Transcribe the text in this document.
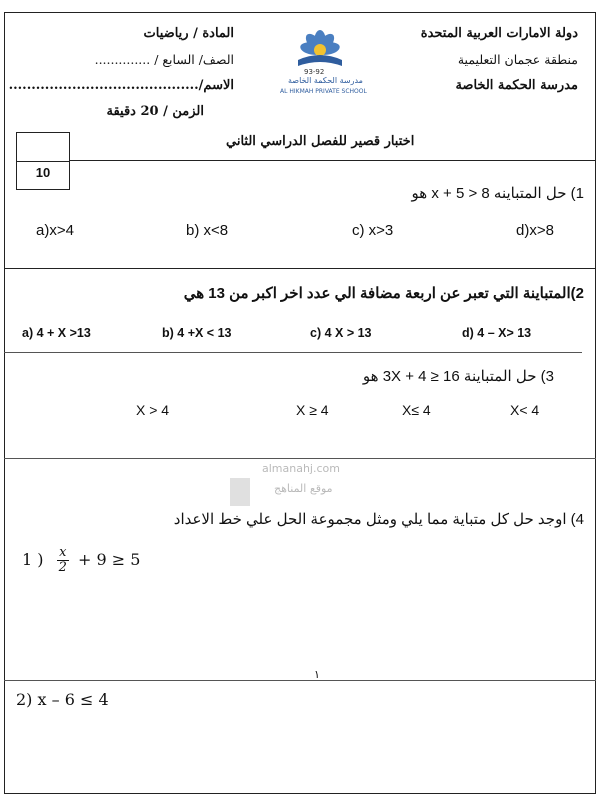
دولة الامارات العربية المتحدة
منطقة عجمان التعليمية
مدرسة الحكمة الخاصة
المادة / رياضيات
الصف/ السابع / ..............
الاسم/..........................................
الزمن / 20 دقيقة
93-92
مدرسة الحكمة الخاصة
AL HIKMAH PRIVATE SCHOOL
اختبار قصير للفصل الدراسي الثاني
10
1) حل المتباينه x + 5 > 8 هو
a)x>4	b) x<8	c) x>3	d)x>8
2)المتباينة التي تعبر عن اربعة مضافة الي عدد اخر اكبر من 13 هي
a) 4 + X >13	b) 4 +X < 13	c) 4 X > 13	d) 4 – X> 13
3) حل المتباينة 3X + 4 ≥ 16 هو
X > 4	X ≥ 4	X≤ 4	X< 4
almanahj.com
موقع المناهج
4) اوجد حل كل متباية مما يلي ومثل مجموعة الحل علي خط الاعداد
1 ) $\frac{x}{2} + 9 \ge 5$
١
2) x – 6 ≤ 4
